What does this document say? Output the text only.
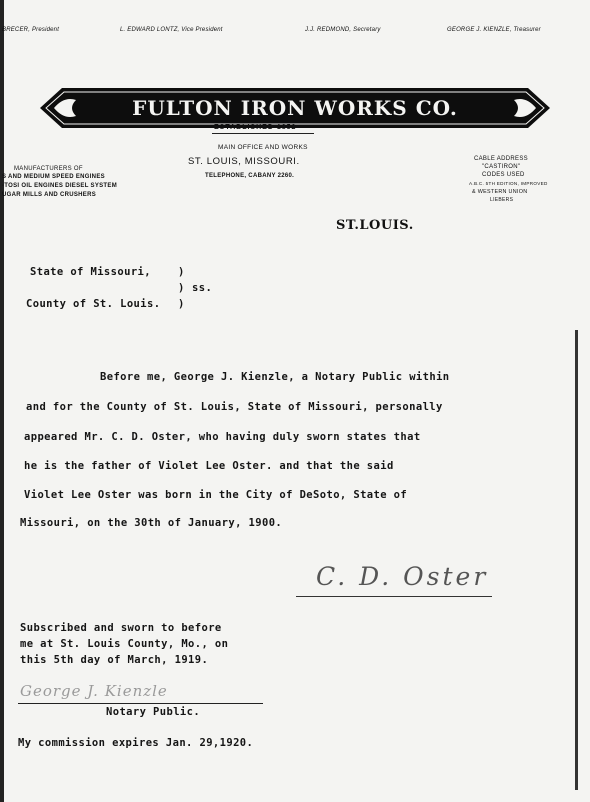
BRECER, President	L. EDWARD LONTZ, Vice President	J.J. REDMOND, Secretary	GEORGE J. KIENZLE, Treasurer
FULTON IRON WORKS CO.
ESTABLISHED 1852
MAIN OFFICE AND WORKS
ST. LOUIS, MISSOURI.
TELEPHONE, CABANY 2260.
MANUFACTURERS OF
S AND MEDIUM SPEED ENGINES
-TOSI OIL ENGINES DIESEL SYSTEM
UGAR MILLS AND CRUSHERS
CABLE ADDRESS
"CASTIRON"
CODES USED
A.B.C. 5TH EDITION, IMPROVED
& WESTERN UNION
LIEBERS
ST.LOUIS.
State of Missouri,	)
) ss.
County of St. Louis. )
Before me, George J. Kienzle, a Notary Public within
and for the County of St. Louis, State of Missouri, personally
appeared Mr. C. D. Oster, who having duly sworn states that
he is the father of Violet Lee Oster. and that the said
Violet Lee Oster was born in the City of DeSoto, State of
Missouri, on the 30th of January, 1900.
C. D. Oster
Subscribed and sworn to before
me at St. Louis County, Mo., on
this 5th day of March, 1919.
George J. Kienzle
Notary Public.
My commission expires Jan. 29,1920.
